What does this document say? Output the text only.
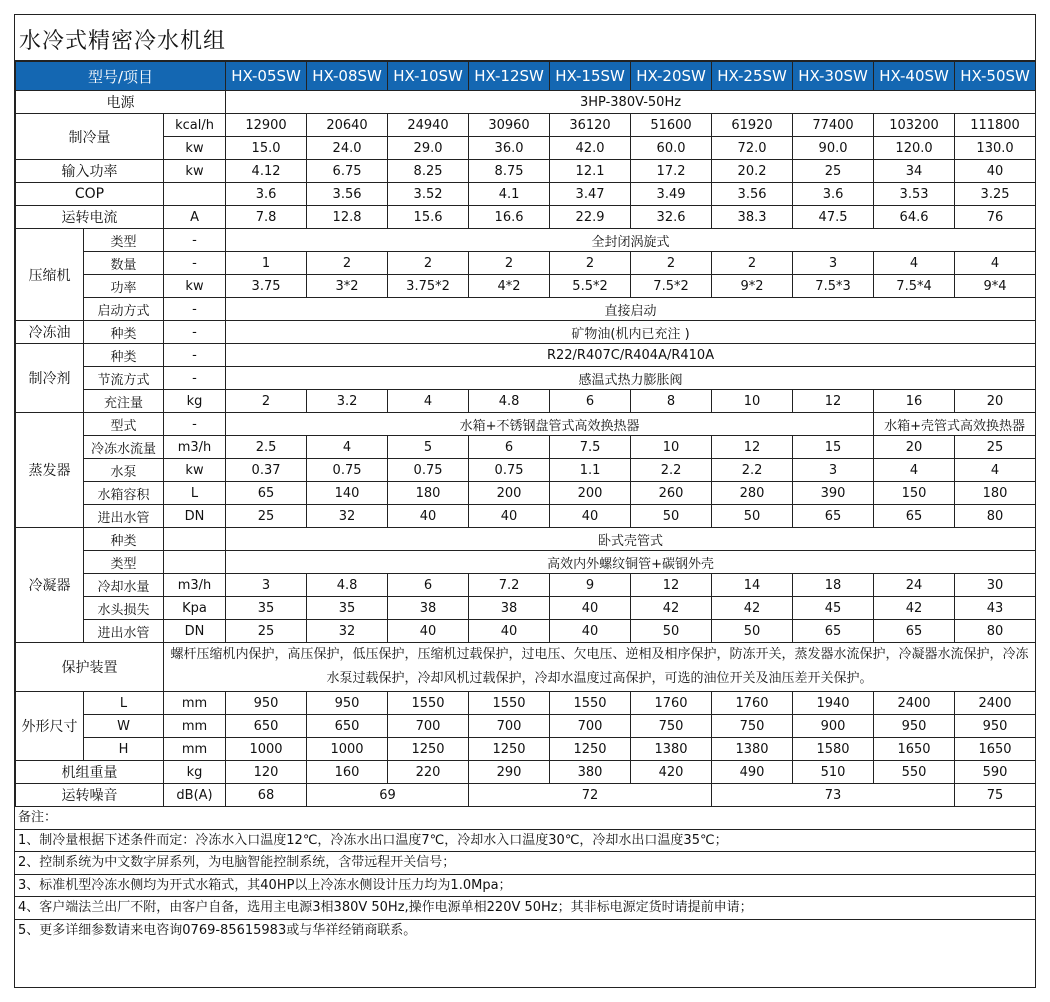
水冷式精密冷水机组
型号/项目			HX-05SW	HX-08SW	HX-10SW	HX-12SW	HX-15SW	HX-20SW	HX-25SW	HX-30SW	HX-40SW	HX-50SW
电源			3HP-380V-50Hz									
制冷量		kcal/h	12900	20640	24940	30960	36120	51600	61920	77400	103200	111800
		kw	15.0	24.0	29.0	36.0	42.0	60.0	72.0	90.0	120.0	130.0
输入功率		kw	4.12	6.75	8.25	8.75	12.1	17.2	20.2	25	34	40
COP			3.6	3.56	3.52	4.1	3.47	3.49	3.56	3.6	3.53	3.25
运转电流		A	7.8	12.8	15.6	16.6	22.9	32.6	38.3	47.5	64.6	76
压缩机	类型	-	全封闭涡旋式									
	数量	-	1	2	2	2	2	2	2	3	4	4
	功率	kw	3.75	3*2	3.75*2	4*2	5.5*2	7.5*2	9*2	7.5*3	7.5*4	9*4
	启动方式	-	直接启动									
冷冻油	种类	-	矿物油(机内已充注 )									
制冷剂	种类	-	R22/R407C/R404A/R410A									
	节流方式	-	感温式热力膨胀阀									
	充注量	kg	2	3.2	4	4.8	6	8	10	12	16	20
蒸发器	型式	-	水箱+不锈钢盘管式高效换热器								水箱+壳管式高效换热器	
	冷冻水流量	m3/h	2.5	4	5	6	7.5	10	12	15	20	25
	水泵	kw	0.37	0.75	0.75	0.75	1.1	2.2	2.2	3	4	4
	水箱容积	L	65	140	180	200	200	260	280	390	150	180
	进出水管	DN	25	32	40	40	40	50	50	65	65	80
冷凝器	种类		卧式壳管式									
	类型		高效内外螺纹铜管+碳钢外壳									
	冷却水量	m3/h	3	4.8	6	7.2	9	12	14	18	24	30
	水头损失	Kpa	35	35	38	38	40	42	42	45	42	43
	进出水管	DN	25	32	40	40	40	50	50	65	65	80
保护装置		螺杆压缩机内保护，高压保护，低压保护，压缩机过载保护，过电压、欠电压、逆相及相序保护，防冻开关，蒸发器水流保护，冷凝器水流保护，冷冻水泵过载保护，冷却风机过载保护，冷却水温度过高保护，可选的油位开关及油压差开关保护。										
外形尺寸	L	mm	950	950	1550	1550	1550	1760	1760	1940	2400	2400
	W	mm	650	650	700	700	700	750	750	900	950	950
	H	mm	1000	1000	1250	1250	1250	1380	1380	1580	1650	1650
机组重量		kg	120	160	220	290	380	420	490	510	550	590
运转噪音		dB(A)	68	69		72			73			75
备注：
1、制冷量根据下述条件而定：冷冻水入口温度12℃，冷冻水出口温度7℃，冷却水入口温度30℃，冷却水出口温度35℃；
2、控制系统为中文数字屏系列，为电脑智能控制系统，含带远程开关信号；
3、标准机型冷冻水侧均为开式水箱式，其40HP以上冷冻水侧设计压力均为1.0Mpa；
4、客户端法兰出厂不附，由客户自备，选用主电源3相380V 50Hz,操作电源单相220V 50Hz；其非标电源定货时请提前申请；
5、更多详细参数请来电咨询0769-85615983或与华祥经销商联系。
